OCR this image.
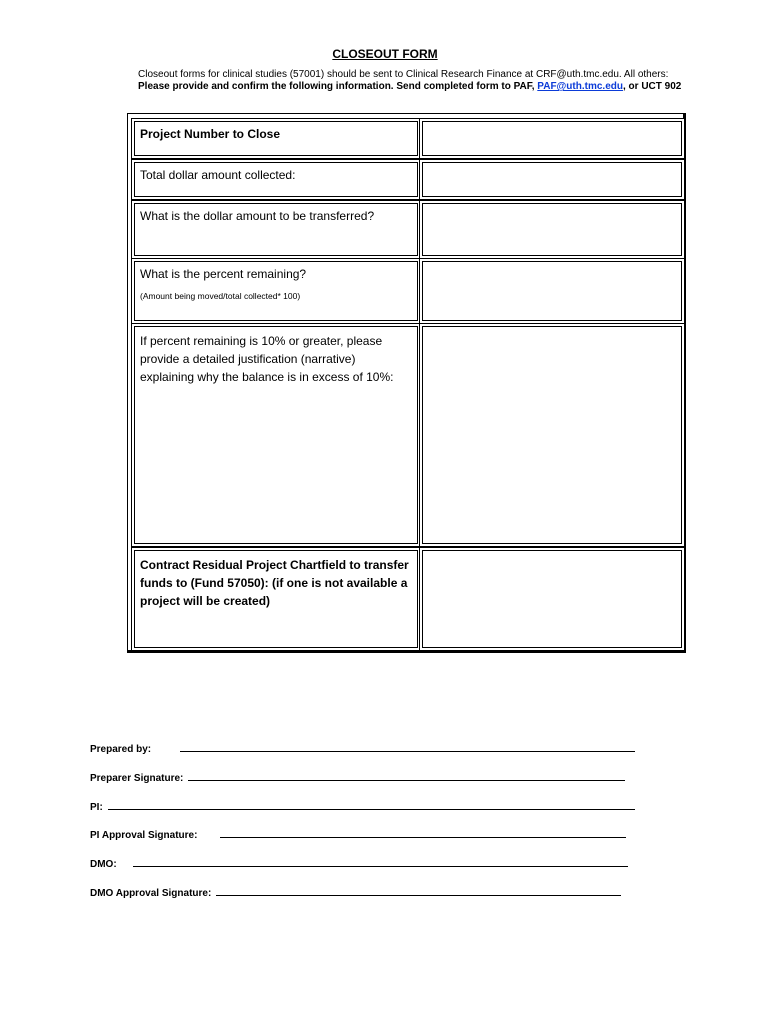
CLOSEOUT FORM
Closeout forms for clinical studies (57001) should be sent to Clinical Research Finance at CRF@uth.tmc.edu. All others:
Please provide and confirm the following information. Send completed form to PAF, PAF@uth.tmc.edu, or UCT 902
Project Number to Close
Total dollar amount collected:
What is the dollar amount to be transferred?
What is the percent remaining?
(Amount being moved/total collected* 100)
If percent remaining is 10% or greater, please provide a detailed justification (narrative) explaining why the balance is in excess of 10%:
Contract Residual Project Chartfield to transfer funds to (Fund 57050): (if one is not available a project will be created)
Prepared by:
Preparer Signature:
PI:
PI Approval Signature:
DMO:
DMO Approval Signature:
